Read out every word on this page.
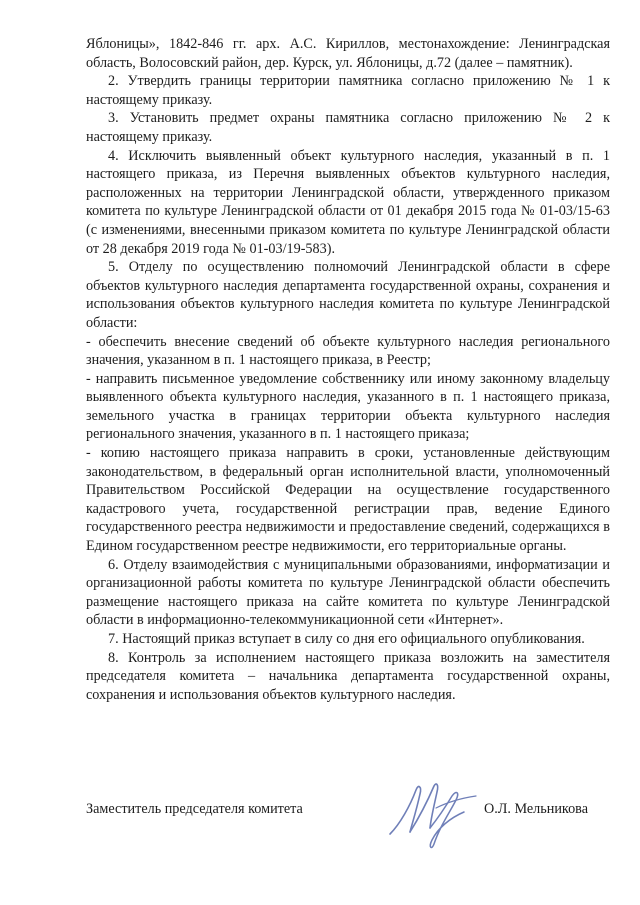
Яблоницы», 1842-846 гг. арх. А.С. Кириллов, местонахождение: Ленинградская область, Волосовский район, дер. Курск, ул. Яблоницы, д.72 (далее – памятник).

2. Утвердить границы территории памятника согласно приложению № 1 к настоящему приказу.

3. Установить предмет охраны памятника согласно приложению № 2 к настоящему приказу.

4. Исключить выявленный объект культурного наследия, указанный в п. 1 настоящего приказа, из Перечня выявленных объектов культурного наследия, расположенных на территории Ленинградской области, утвержденного приказом комитета по культуре Ленинградской области от 01 декабря 2015 года № 01-03/15-63 (с изменениями, внесенными приказом комитета по культуре Ленинградской области от 28 декабря 2019 года № 01-03/19-583).

5. Отделу по осуществлению полномочий Ленинградской области в сфере объектов культурного наследия департамента государственной охраны, сохранения и использования объектов культурного наследия комитета по культуре Ленинградской области:

- обеспечить внесение сведений об объекте культурного наследия регионального значения, указанном в п. 1 настоящего приказа, в Реестр;

- направить письменное уведомление собственнику или иному законному владельцу выявленного объекта культурного наследия, указанного в п. 1 настоящего приказа, земельного участка в границах территории объекта культурного наследия регионального значения, указанного в п. 1 настоящего приказа;

- копию настоящего приказа направить в сроки, установленные действующим законодательством, в федеральный орган исполнительной власти, уполномоченный Правительством Российской Федерации на осуществление государственного кадастрового учета, государственной регистрации прав, ведение Единого государственного реестра недвижимости и предоставление сведений, содержащихся в Едином государственном реестре недвижимости, его территориальные органы.

6. Отделу взаимодействия с муниципальными образованиями, информатизации и организационной работы комитета по культуре Ленинградской области обеспечить размещение настоящего приказа на сайте комитета по культуре Ленинградской области в информационно-телекоммуникационной сети «Интернет».

7. Настоящий приказ вступает в силу со дня его официального опубликования.

8. Контроль за исполнением настоящего приказа возложить на заместителя председателя комитета – начальника департамента государственной охраны, сохранения и использования объектов культурного наследия.

Заместитель председателя комитета	О.Л. Мельникова
